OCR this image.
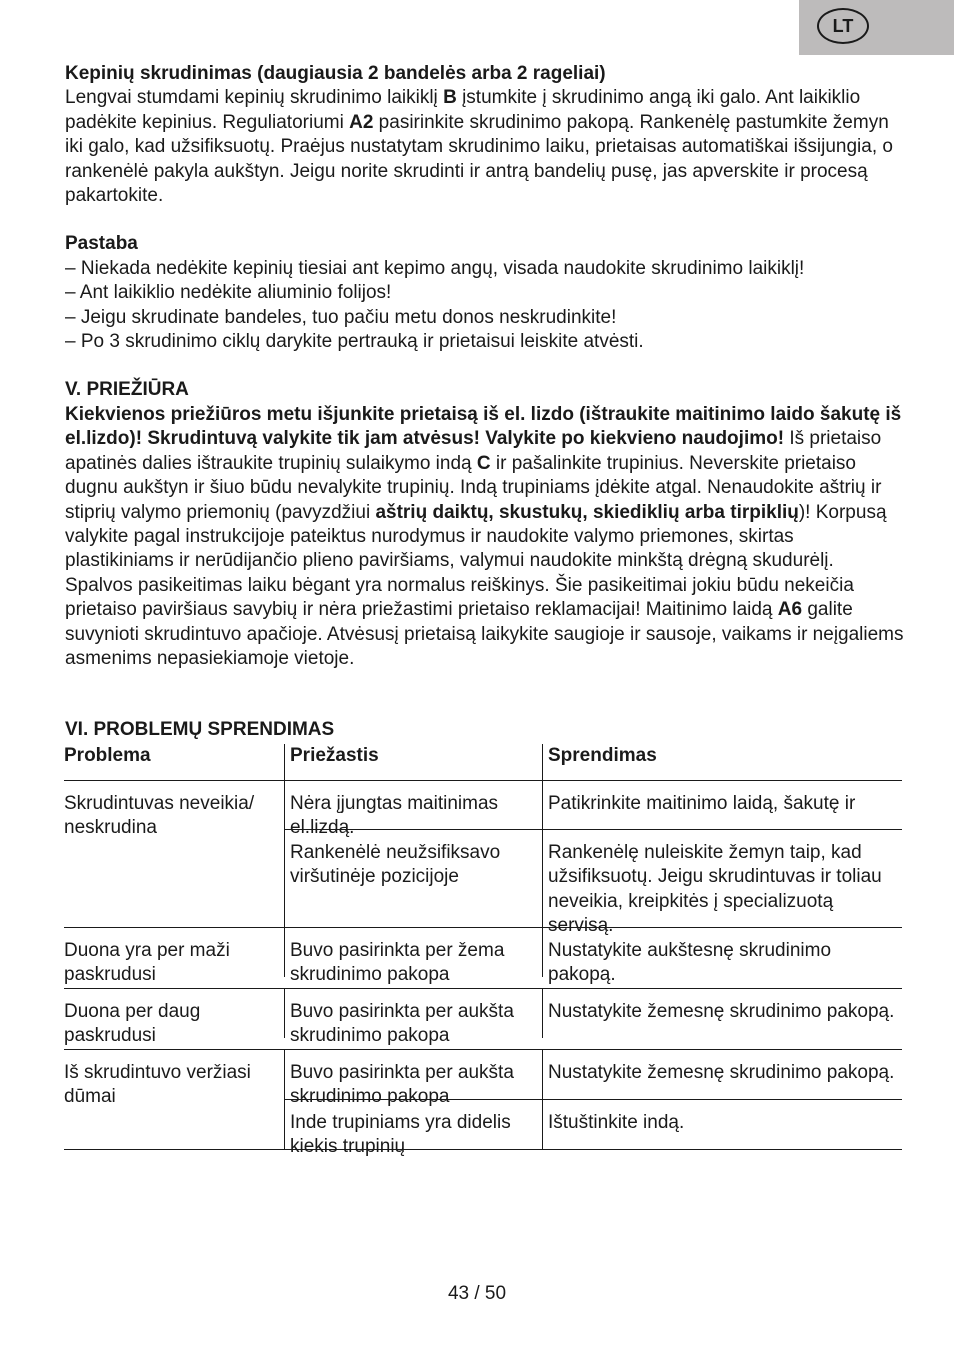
LT

Kepinių skrudinimas (daugiausia 2 bandelės arba 2 rageliai)

Lengvai stumdami kepinių skrudinimo laikiklį B įstumkite į skrudinimo angą iki galo. Ant laikiklio padėkite kepinius. Reguliatoriumi A2 pasirinkite skrudinimo pakopą. Rankenėlę pastumkite žemyn iki galo, kad užsifiksuotų. Praėjus nustatytam skrudinimo laiku, prietaisas automatiškai išsijungia, o rankenėlė pakyla aukštyn. Jeigu norite skrudinti ir antrą bandelių pusę, jas apverskite ir procesą pakartokite.

Pastaba

– Niekada nedėkite kepinių tiesiai ant kepimo angų, visada naudokite skrudinimo laikiklį!

– Ant laikiklio nedėkite aliuminio folijos!

– Jeigu skrudinate bandeles, tuo pačiu metu donos neskrudinkite!

– Po 3 skrudinimo ciklų darykite pertrauką ir prietaisui leiskite atvėsti.

V. PRIEŽIŪRA

Kiekvienos priežiūros metu išjunkite prietaisą iš el. lizdo (ištraukite maitinimo laido šakutę iš el.lizdo)! Skrudintuvą valykite tik jam atvėsus! Valykite po kiekvieno naudojimo! Iš prietaiso apatinės dalies ištraukite trupinių sulaikymo indą C ir pašalinkite trupinius. Neverskite prietaiso dugnu aukštyn ir šiuo būdu nevalykite trupinių. Indą trupiniams įdėkite atgal. Nenaudokite aštrių ir stiprių valymo priemonių (pavyzdžiui aštrių daiktų, skustukų, skiediklių arba tirpiklių)! Korpusą valykite pagal instrukcijoje pateiktus nurodymus ir naudokite valymo priemones, skirtas plastikiniams ir nerūdijančio plieno paviršiams, valymui naudokite minkštą drėgną skudurėlį. Spalvos pasikeitimas laiku bėgant yra normalus reiškinys. Šie pasikeitimai jokiu būdu nekeičia prietaiso paviršiaus savybių ir nėra priežastimi prietaiso reklamacijai! Maitinimo laidą A6 galite suvynioti skrudintuvo apačioje. Atvėsusį prietaisą laikykite saugioje ir sausoje, vaikams ir neįgaliems asmenims nepasiekiamoje vietoje.

VI. PROBLEMŲ SPRENDIMAS
Problema	Priežastis	Sprendimas
Skrudintuvas neveikia/ neskrudina
Nėra įjungtas maitinimas el.lizdą.
Patikrinkite maitinimo laidą, šakutę ir
Rankenėlė neužsifiksavo viršutinėje pozicijoje
Rankenėlę nuleiskite žemyn taip, kad užsifiksuotų. Jeigu skrudintuvas ir toliau neveikia, kreipkitės į specializuotą servisą.
Duona yra per maži paskrudusi
Buvo pasirinkta per žema skrudinimo pakopa
Nustatykite aukštesnę skrudinimo pakopą.
Duona per daug paskrudusi
Buvo pasirinkta per aukšta skrudinimo pakopa
Nustatykite žemesnę skrudinimo pakopą.
Iš skrudintuvo veržiasi dūmai
Buvo pasirinkta per aukšta skrudinimo pakopa
Nustatykite žemesnę skrudinimo pakopą.
Inde trupiniams yra didelis kiekis trupinių
Ištuštinkite indą.
43 / 50
